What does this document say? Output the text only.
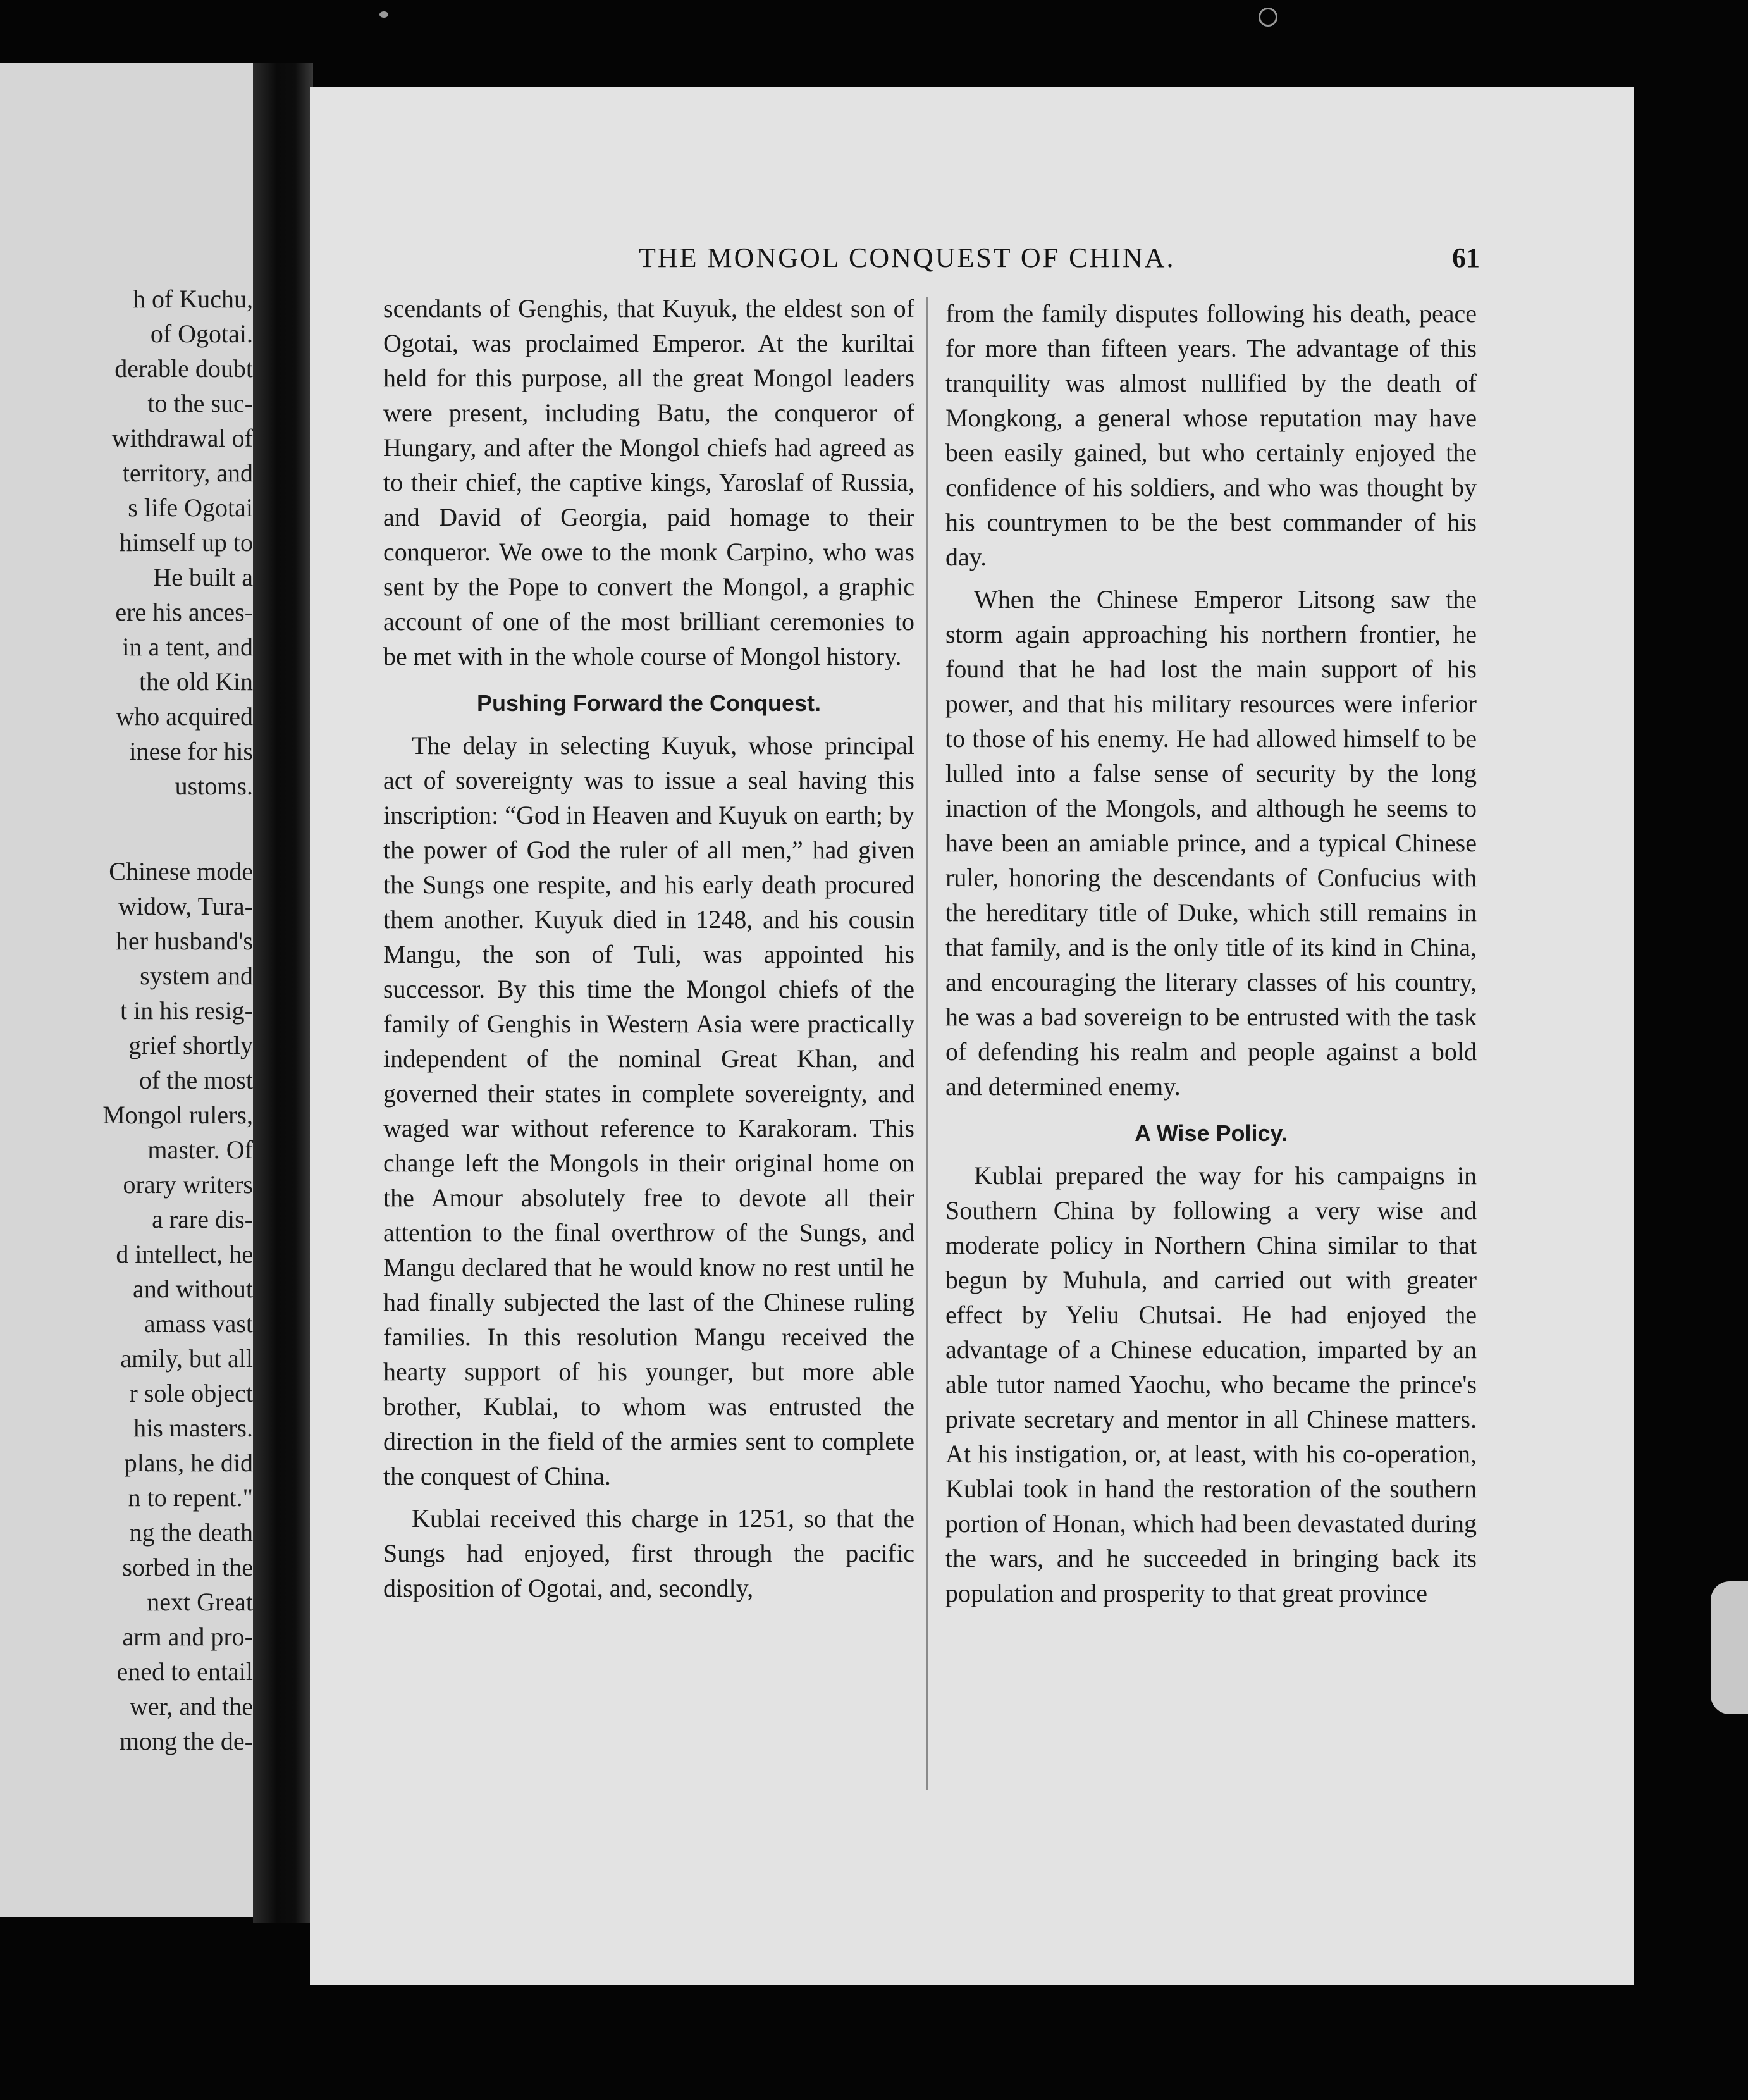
h of Kuchu,
of Ogotai.
derable doubt
to the suc-
withdrawal of
territory, and
s life Ogotai
himself up to
He built a
ere his ances-
in a tent, and
the old Kin
who acquired
inese for his
ustoms.
Chinese mode
widow, Tura-
her husband's
system and
t in his resig-
grief shortly
of the most
Mongol rulers,
master. Of
orary writers
a rare dis-
d intellect, he
and without
amass vast
amily, but all
r sole object
his masters.
plans, he did
n to repent."
ng the death
sorbed in the
next Great
arm and pro-
ened to entail
wer, and the
mong the de-
THE MONGOL CONQUEST OF CHINA.	61

scendants of Genghis, that Kuyuk, the eldest son of Ogotai, was proclaimed Emperor. At the kuriltai held for this purpose, all the great Mongol leaders were present, including Batu, the conqueror of Hungary, and after the Mongol chiefs had agreed as to their chief, the captive kings, Yaroslaf of Russia, and David of Georgia, paid homage to their conqueror. We owe to the monk Carpino, who was sent by the Pope to convert the Mongol, a graphic account of one of the most brilliant ceremonies to be met with in the whole course of Mongol history.

Pushing Forward the Conquest.

The delay in selecting Kuyuk, whose principal act of sovereignty was to issue a seal having this inscription: “God in Heaven and Kuyuk on earth; by the power of God the ruler of all men,” had given the Sungs one respite, and his early death procured them another. Kuyuk died in 1248, and his cousin Mangu, the son of Tuli, was appointed his successor. By this time the Mongol chiefs of the family of Genghis in Western Asia were practically independent of the nominal Great Khan, and governed their states in complete sovereignty, and waged war without reference to Karakoram. This change left the Mongols in their original home on the Amour absolutely free to devote all their attention to the final overthrow of the Sungs, and Mangu declared that he would know no rest until he had finally subjected the last of the Chinese ruling families. In this resolution Mangu received the hearty support of his younger, but more able brother, Kublai, to whom was entrusted the direction in the field of the armies sent to complete the conquest of China.

Kublai received this charge in 1251, so that the Sungs had enjoyed, first through the pacific disposition of Ogotai, and, secondly,

from the family disputes following his death, peace for more than fifteen years. The advantage of this tranquility was almost nullified by the death of Mongkong, a general whose reputation may have been easily gained, but who certainly enjoyed the confidence of his soldiers, and who was thought by his countrymen to be the best commander of his day.

When the Chinese Emperor Litsong saw the storm again approaching his northern frontier, he found that he had lost the main support of his power, and that his military resources were inferior to those of his enemy. He had allowed himself to be lulled into a false sense of security by the long inaction of the Mongols, and although he seems to have been an amiable prince, and a typical Chinese ruler, honoring the descendants of Confucius with the hereditary title of Duke, which still remains in that family, and is the only title of its kind in China, and encouraging the literary classes of his country, he was a bad sovereign to be entrusted with the task of defending his realm and people against a bold and determined enemy.

A Wise Policy.

Kublai prepared the way for his campaigns in Southern China by following a very wise and moderate policy in Northern China similar to that begun by Muhula, and carried out with greater effect by Yeliu Chutsai. He had enjoyed the advantage of a Chinese education, imparted by an able tutor named Yaochu, who became the prince's private secretary and mentor in all Chinese matters. At his instigation, or, at least, with his co-operation, Kublai took in hand the restoration of the southern portion of Honan, which had been devastated during the wars, and he succeeded in bringing back its population and prosperity to that great province
